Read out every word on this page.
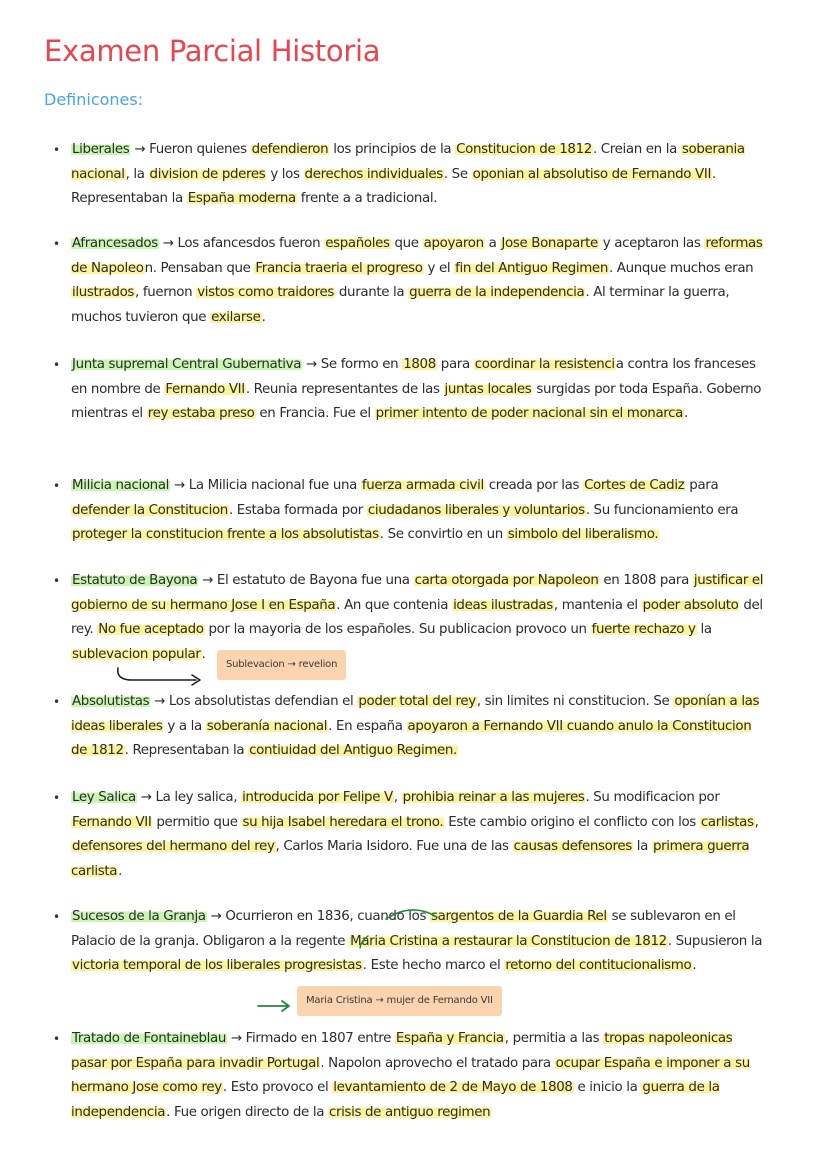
Examen Parcial Historia
Definicones:
•
•
•
•
•
•
•
•
•

Liberales → Fueron quienes defendieron los principios de la Constitucion de 1812. Creian en la soberania nacional, la division de pderes y los derechos individuales. Se oponian al absolutiso de Fernando VII. Representaban la España moderna frente a a tradicional.

Afrancesados → Los afancesdos fueron españoles que apoyaron a Jose Bonaparte y aceptaron las reformas de Napoleon. Pensaban que Francia traeria el progreso y el fin del Antiguo Regimen. Aunque muchos eran ilustrados, fuernon vistos como traidores durante la guerra de la independencia. Al terminar la guerra, muchos tuvieron que exilarse.

Junta supremal Central Gubernativa → Se formo en 1808 para coordinar la resistencia contra los franceses en nombre de Fernando VII. Reunia representantes de las juntas locales surgidas por toda España. Goberno mientras el rey estaba preso en Francia. Fue el primer intento de poder nacional sin el monarca.

Milicia nacional → La Milicia nacional fue una fuerza armada civil creada por las Cortes de Cadiz para defender la Constitucion. Estaba formada por ciudadanos liberales y voluntarios. Su funcionamiento era proteger la constitucion frente a los absolutistas. Se convirtio en un simbolo del liberalismo.

Estatuto de Bayona → El estatuto de Bayona fue una carta otorgada por Napoleon en 1808 para justificar el gobierno de su hermano Jose I en España. An que contenia ideas ilustradas, mantenia el poder absoluto del rey. No fue aceptado por la mayoria de los españoles. Su publicacion provoco un fuerte rechazo y la sublevacion popular.

Absolutistas → Los absolutistas defendian el poder total del rey, sin limites ni constitucion. Se oponían a las ideas liberales y a la soberanía nacional. En españa apoyaron a Fernando VII cuando anulo la Constitucion de 1812. Representaban la contiuidad del Antiguo Regimen.

Ley Salica → La ley salica, introducida por Felipe V, prohibia reinar a las mujeres. Su modificacion por Fernando VII permitio que su hija Isabel heredara el trono. Este cambio origino el conflicto con los carlistas, defensores del hermano del rey, Carlos Maria Isidoro. Fue una de las causas defensores la primera guerra carlista.

Sucesos de la Granja → Ocurrieron en 1836, cuando los sargentos de la Guardia Rel se sublevaron en el Palacio de la granja. Obligaron a la regente Maria Cristina a restaurar la Constitucion de 1812. Supusieron la victoria temporal de los liberales progresistas. Este hecho marco el retorno del contitucionalismo.

Tratado de Fontaineblau → Firmado en 1807 entre España y Francia, permitia a las tropas napoleonicas pasar por España para invadir Portugal. Napolon aprovecho el tratado para ocupar España e imponer a su hermano Jose como rey. Esto provoco el levantamiento de 2 de Mayo de 1808 e inicio la guerra de la independencia. Fue origen directo de la crisis de antiguo regimen

Sublevacion → revelion
Maria Cristina → mujer de Fernando VII
